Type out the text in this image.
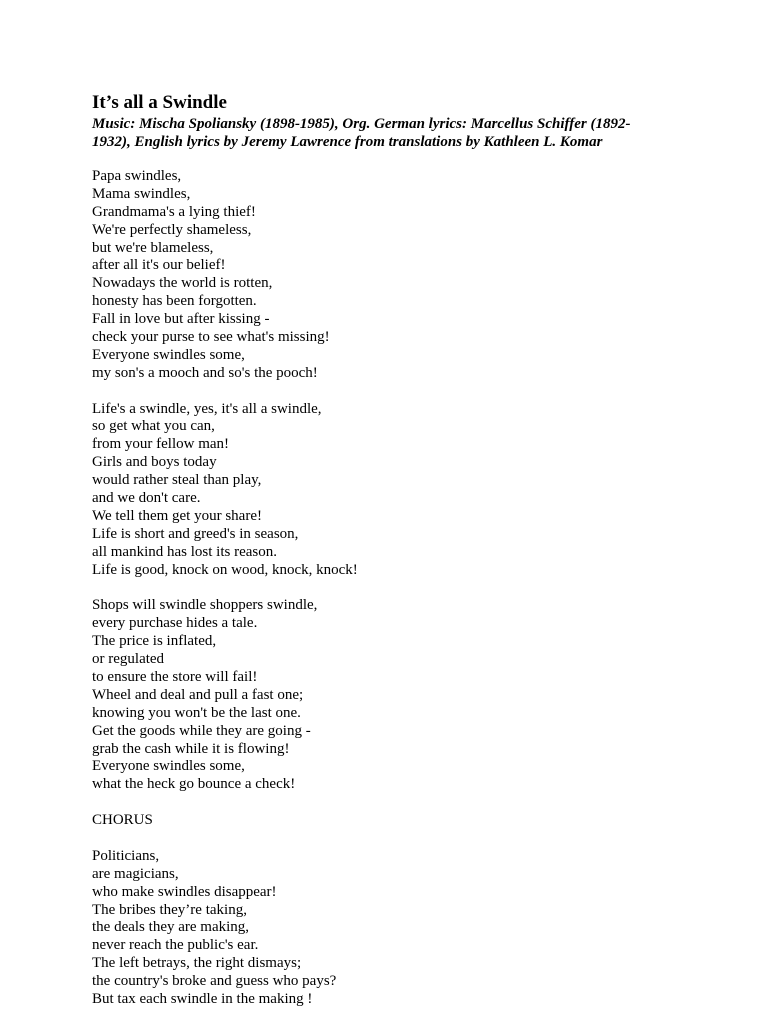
It’s all a Swindle
Music: Mischa Spoliansky (1898-1985), Org. German lyrics: Marcellus Schiffer (1892-
1932), English lyrics by Jeremy Lawrence from translations by Kathleen L. Komar
Papa swindles,
Mama swindles,
Grandmama's a lying thief!
We're perfectly shameless,
but we're blameless,
after all it's our belief!
Nowadays the world is rotten,
honesty has been forgotten.
Fall in love but after kissing -
check your purse to see what's missing!
Everyone swindles some,
my son's a mooch and so's the pooch!
Life's a swindle, yes, it's all a swindle,
so get what you can,
from your fellow man!
Girls and boys today
would rather steal than play,
and we don't care.
We tell them get your share!
Life is short and greed's in season,
all mankind has lost its reason.
Life is good, knock on wood, knock, knock!
Shops will swindle shoppers swindle,
every purchase hides a tale.
The price is inflated,
or regulated
to ensure the store will fail!
Wheel and deal and pull a fast one;
knowing you won't be the last one.
Get the goods while they are going -
grab the cash while it is flowing!
Everyone swindles some,
what the heck go bounce a check!
CHORUS
Politicians,
are magicians,
who make swindles disappear!
The bribes they’re taking,
the deals they are making,
never reach the public's ear.
The left betrays, the right dismays;
the country's broke and guess who pays?
But tax each swindle in the making !
